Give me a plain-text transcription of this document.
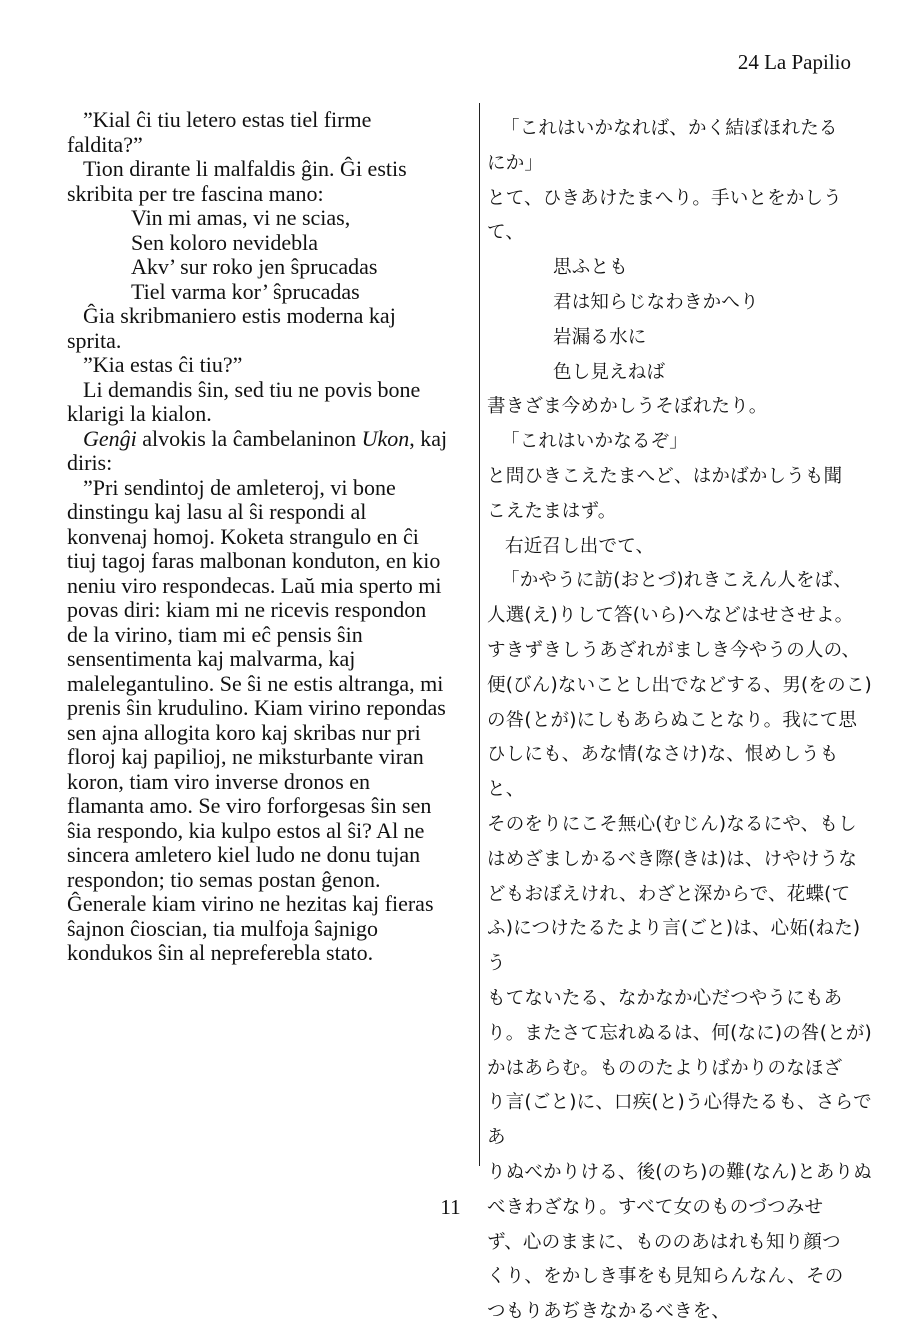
24 La Papilio
”Kial ĉi tiu letero estas tiel firme
faldita?”
Tion dirante li malfaldis ĝin. Ĝi estis
skribita per tre fascina mano:
Vin mi amas, vi ne scias,
Sen koloro nevidebla
Akv’ sur roko jen ŝprucadas
Tiel varma kor’ ŝprucadas
Ĝia skribmaniero estis moderna kaj
sprita.
”Kia estas ĉi tiu?”
Li demandis ŝin, sed tiu ne povis bone
klarigi la kialon.
Genĝi alvokis la ĉambelaninon Ukon, kaj
diris:
”Pri sendintoj de amleteroj, vi bone
dinstingu kaj lasu al ŝi respondi al
konvenaj homoj. Koketa strangulo en ĉi
tiuj tagoj faras malbonan konduton, en kio
neniu viro respondecas. Laŭ mia sperto mi
povas diri: kiam mi ne ricevis respondon
de la virino, tiam mi eĉ pensis ŝin
sensentimenta kaj malvarma, kaj
malelegantulino. Se ŝi ne estis altranga, mi
prenis ŝin krudulino. Kiam virino repondas
sen ajna allogita koro kaj skribas nur pri
floroj kaj papilioj, ne miksturbante viran
koron, tiam viro inverse dronos en
flamanta amo. Se viro forforgesas ŝin sen
ŝia respondo, kia kulpo estos al ŝi? Al ne
sincera amletero kiel ludo ne donu tujan
respondon; tio semas postan ĝenon.
Ĝenerale kiam virino ne hezitas kaj fieras
ŝajnon ĉioscian, tia mulfoja ŝajnigo
kondukos ŝin al nepreferebla stato.
「これはいかなれば、かく結ぼほれたる
にか」
とて、ひきあけたまへり。手いとをかしうて、
思ふとも
君は知らじなわきかへり
岩漏る水に
色し見えねば
書きざま今めかしうそぼれたり。
「これはいかなるぞ」
と問ひきこえたまへど、はかばかしうも聞
こえたまはず。
右近召し出でて、
「かやうに訪(おとづ)れきこえん人をば、
人選(え)りして答(いら)へなどはせさせよ。
すきずきしうあざれがましき今やうの人の、
便(びん)ないことし出でなどする、男(をのこ)
の咎(とが)にしもあらぬことなり。我にて思
ひしにも、あな情(なさけ)な、恨めしうもと、
そのをりにこそ無心(むじん)なるにや、もし
はめざましかるべき際(きは)は、けやけうな
どもおぼえけれ、わざと深からで、花蝶(て
ふ)につけたるたより言(ごと)は、心妬(ねた)う
もてないたる、なかなか心だつやうにもあ
り。またさて忘れぬるは、何(なに)の咎(とが)
かはあらむ。もののたよりばかりのなほざ
り言(ごと)に、口疾(と)う心得たるも、さらであ
りぬべかりける、後(のち)の難(なん)とありぬ
べきわざなり。すべて女のものづつみせ
ず、心のままに、もののあはれも知り顔つ
くり、をかしき事をも見知らんなん、その
つもりあぢきなかるべきを、
11
